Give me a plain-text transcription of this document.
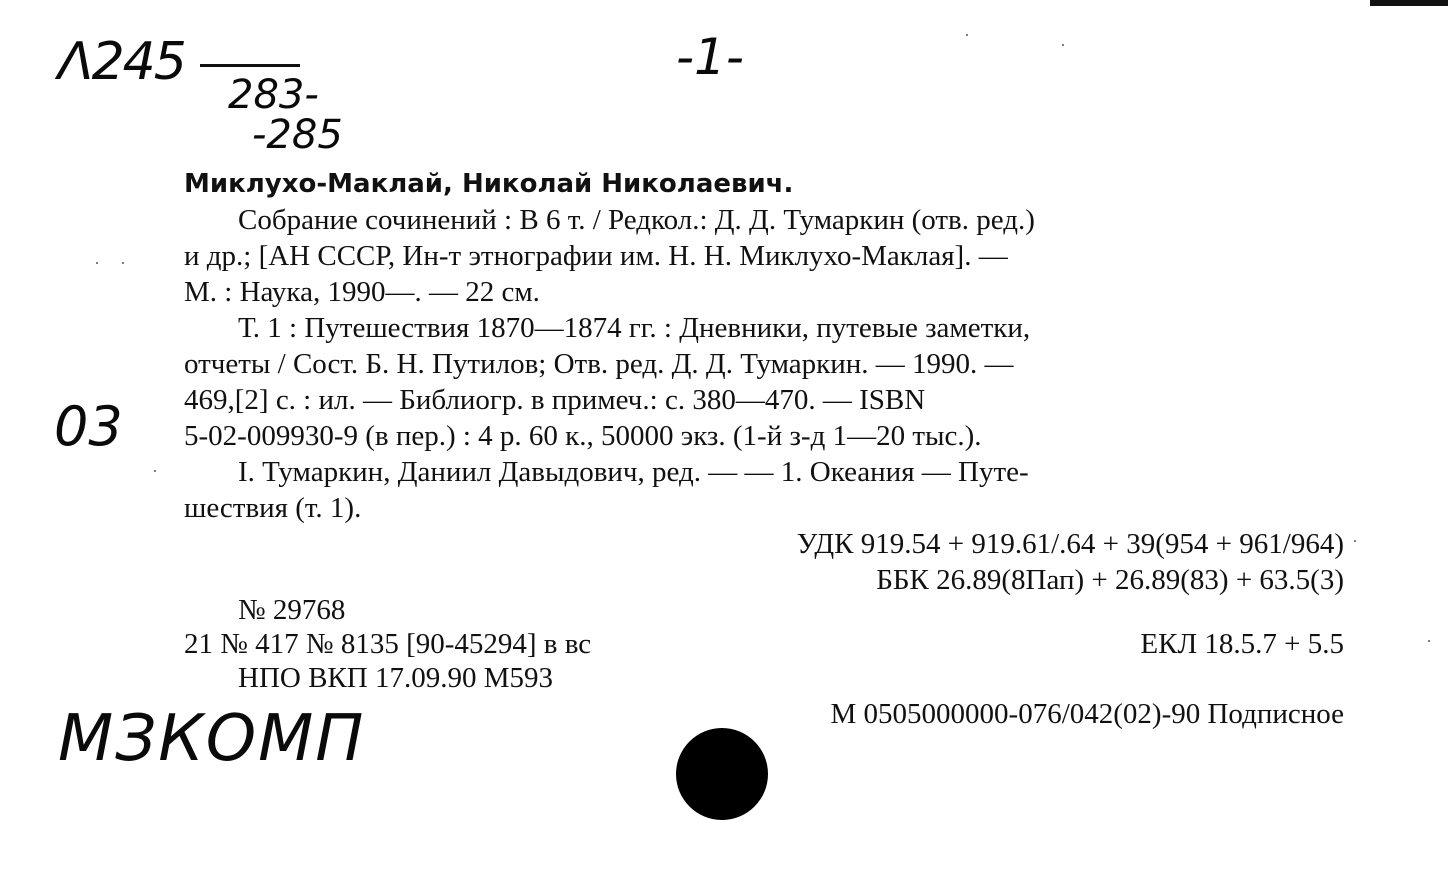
Λ245	-1-
283-
-285
03
МЗКОМП
Миклухо-Маклай, Николай Николаевич.
Собрание сочинений : В 6 т. / Редкол.: Д. Д. Тумаркин (отв. ред.)
и др.; [АН СССР, Ин-т этнографии им. Н. Н. Миклухо-Маклая]. —
М. : Наука, 1990—. — 22 см.
Т. 1 : Путешествия 1870—1874 гг. : Дневники, путевые заметки,
отчеты / Сост. Б. Н. Путилов; Отв. ред. Д. Д. Тумаркин. — 1990. —
469,[2] с. : ил. — Библиогр. в примеч.: с. 380—470. — ISBN
5-02-009930-9 (в пер.) : 4 р. 60 к., 50000 экз. (1-й з-д 1—20 тыс.).
I. Тумаркин, Даниил Давыдович, ред. — — 1. Океания — Путе-
шествия (т. 1).
УДК 919.54 + 919.61/.64 + 39(954 + 961/964)
ББК 26.89(8Пап) + 26.89(83) + 63.5(3)
№ 29768
21 № 417 № 8135 [90-45294] в вс	ЕКЛ 18.5.7 + 5.5
НПО ВКП 17.09.90 М593
М 0505000000-076/042(02)-90 Подписное
